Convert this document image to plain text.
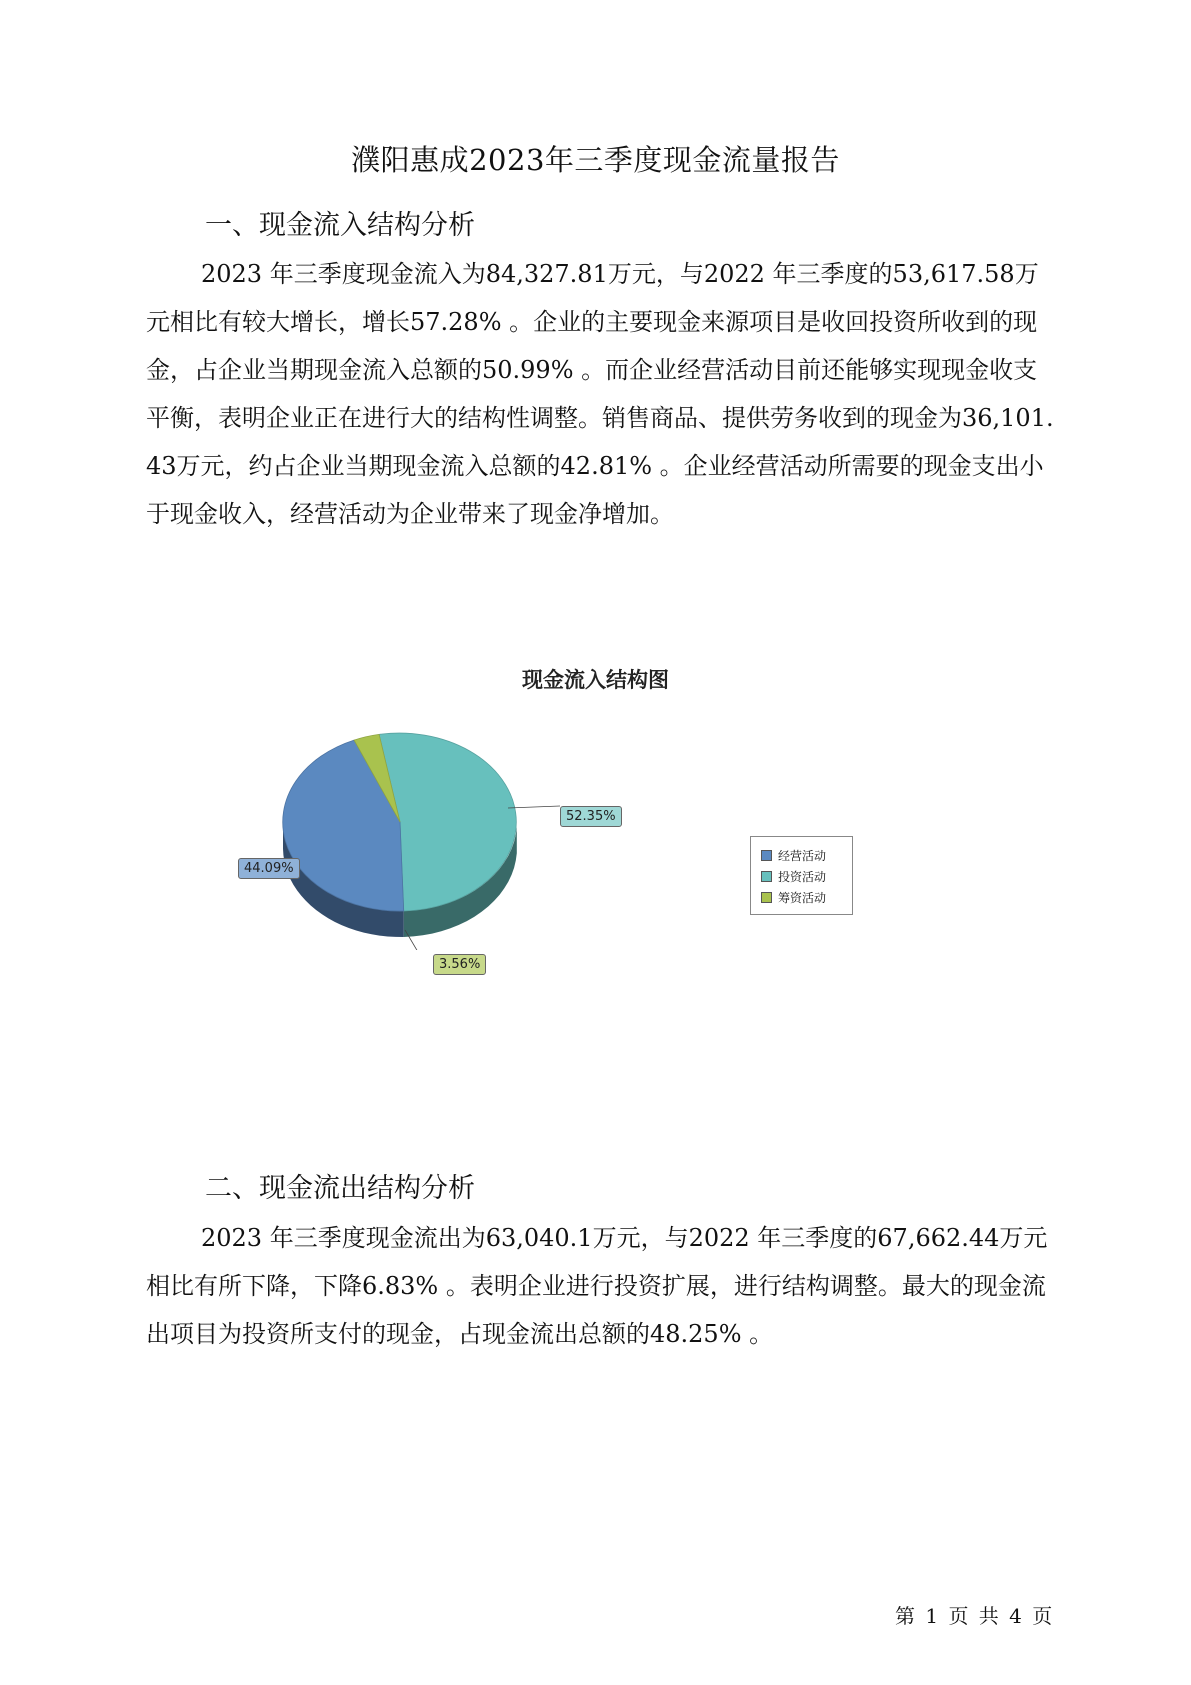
濮阳惠成2023年三季度现金流量报告
一、现金流入结构分析

2023 年三季度现金流入为84,327.81万元，与2022 年三季度的53,617.58万元相比有较大增长，增长57.28% 。企业的主要现金来源项目是收回投资所收到的现金，占企业当期现金流入总额的50.99% 。而企业经营活动目前还能够实现现金收支平衡，表明企业正在进行大的结构性调整。销售商品、提供劳务收到的现金为36,101.43万元，约占企业当期现金流入总额的42.81% 。企业经营活动所需要的现金支出小于现金收入，经营活动为企业带来了现金净增加。

现金流入结构图
44.09%
52.35%
3.56%
经营活动
投资活动
筹资活动
二、现金流出结构分析

2023 年三季度现金流出为63,040.1万元，与2022 年三季度的67,662.44万元相比有所下降，下降6.83% 。表明企业进行投资扩展，进行结构调整。最大的现金流出项目为投资所支付的现金，占现金流出总额的48.25% 。

第 1 页 共 4 页
